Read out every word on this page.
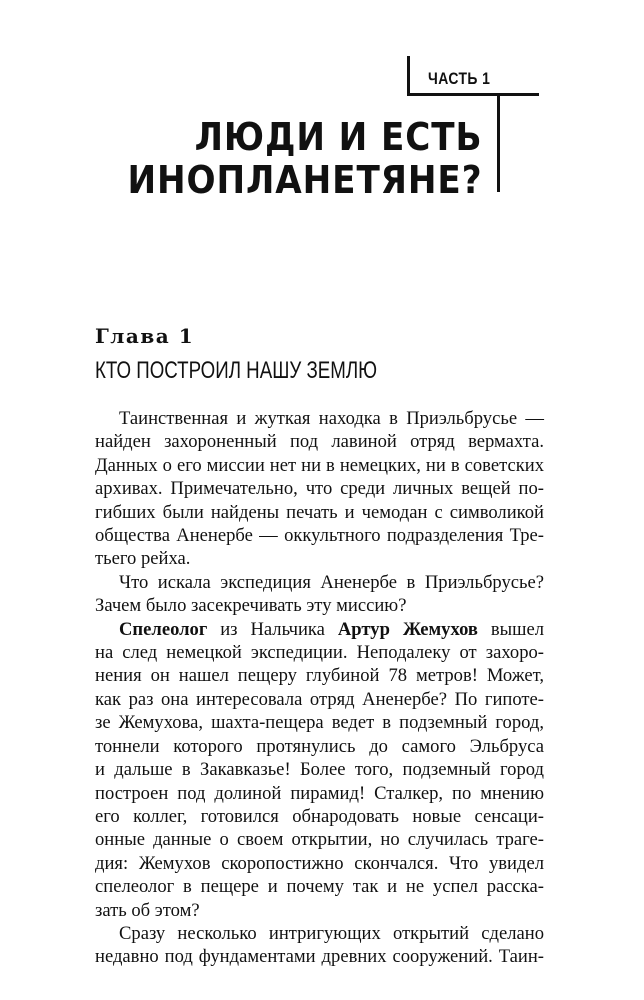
ЧАСТЬ 1
ЛЮДИ И ЕСТЬ
ИНОПЛАНЕТЯНЕ?
Глава 1
КТО ПОСТРОИЛ НАШУ ЗЕМЛЮ

Таинственная и жуткая находка в Приэльбрусье —
найден захороненный под лавиной отряд вермахта.
Данных о его миссии нет ни в немецких, ни в советских
архивах. Примечательно, что среди личных вещей по-
гибших были найдены печать и чемодан с символикой
общества Аненербе — оккультного подразделения Тре-
тьего рейха.

Что искала экспедиция Аненербе в Приэльбрусье?
Зачем было засекречивать эту миссию?

Спелеолог из Нальчика Артур Жемухов вышел
на след немецкой экспедиции. Неподалеку от захоро-
нения он нашел пещеру глубиной 78 метров! Может,
как раз она интересовала отряд Аненербе? По гипоте-
зе Жемухова, шахта-пещера ведет в подземный город,
тоннели которого протянулись до самого Эльбруса
и дальше в Закавказье! Более того, подземный город
построен под долиной пирамид! Сталкер, по мнению
его коллег, готовился обнародовать новые сенсаци-
онные данные о своем открытии, но случилась траге-
дия: Жемухов скоропостижно скончался. Что увидел
спелеолог в пещере и почему так и не успел расска-
зать об этом?

Сразу несколько интригующих открытий сделано
недавно под фундаментами древних сооружений. Таин-
